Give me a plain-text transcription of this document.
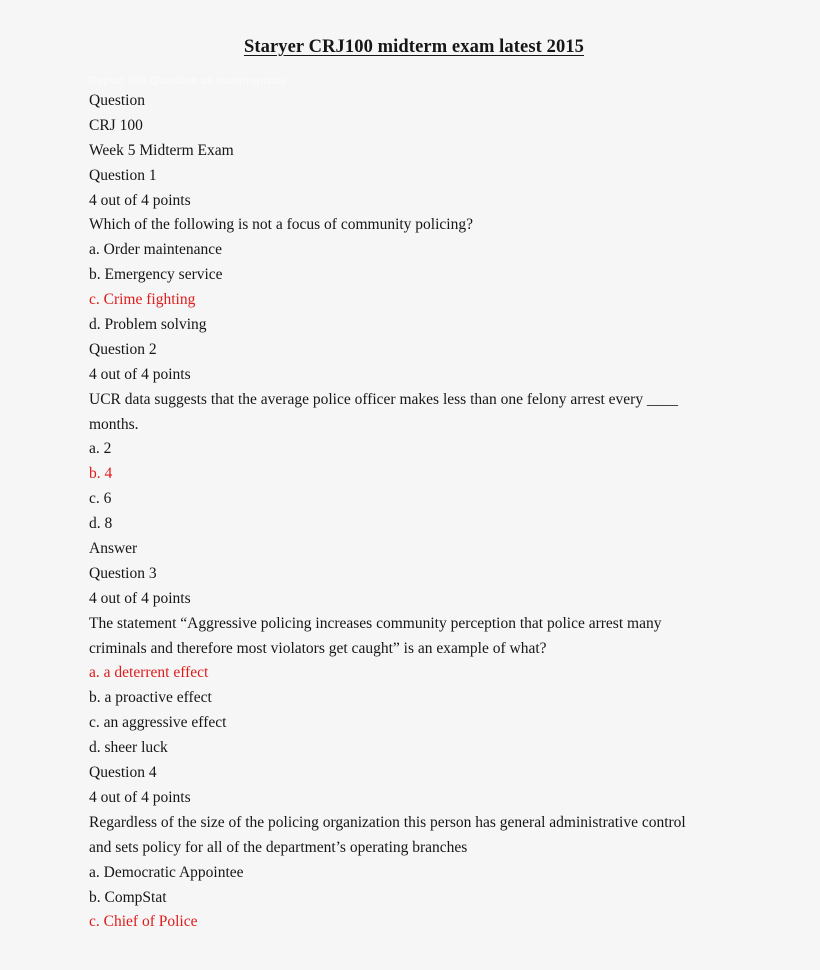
Staryer CRJ100 midterm exam latest 2015
Report this Question as Inappropriate
Question
CRJ 100
Week 5 Midterm Exam
Question 1
4 out of 4 points
Which of the following is not a focus of community policing?
a. Order maintenance
b. Emergency service
c. Crime fighting
d. Problem solving
Question 2
4 out of 4 points
UCR data suggests that the average police officer makes less than one felony arrest every ____
months.
a. 2
b. 4
c. 6
d. 8
Answer
Question 3
4 out of 4 points
The statement “Aggressive policing increases community perception that police arrest many
criminals and therefore most violators get caught” is an example of what?
a. a deterrent effect
b. a proactive effect
c. an aggressive effect
d. sheer luck
Question 4
4 out of 4 points
Regardless of the size of the policing organization this person has general administrative control
and sets policy for all of the department’s operating branches
a. Democratic Appointee
b. CompStat
c. Chief of Police
